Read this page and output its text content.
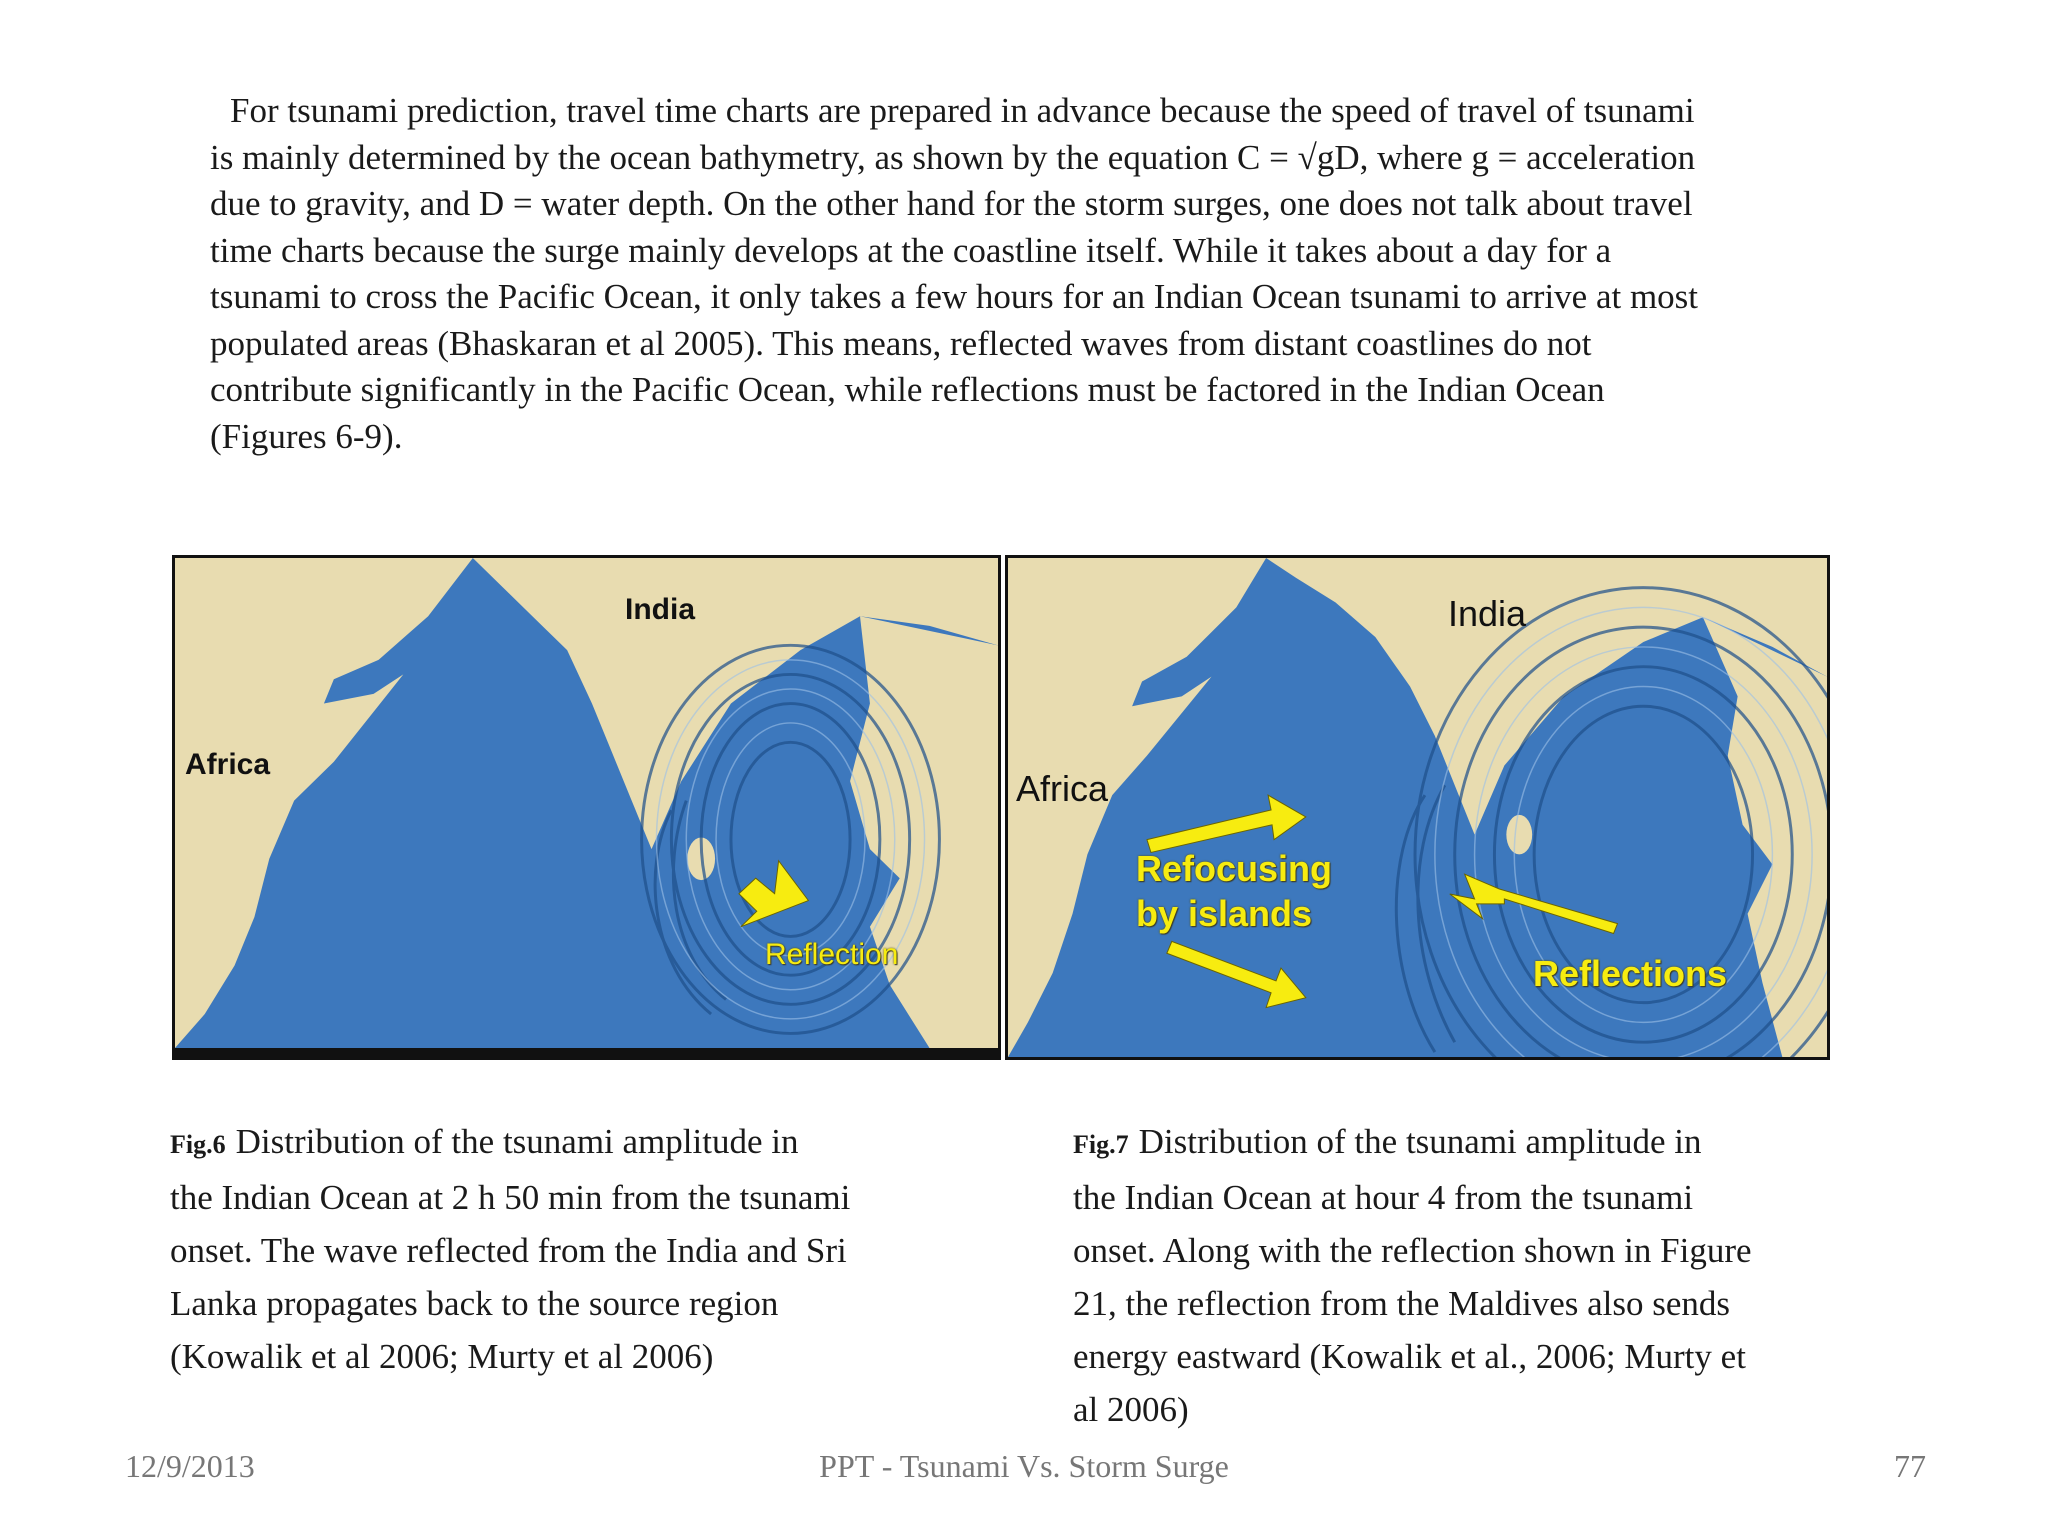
For tsunami prediction, travel time charts are prepared in advance because the speed of travel of tsunami
is mainly determined by the ocean bathymetry, as shown by the equation C = √gD, where g = acceleration
due to gravity, and D = water depth. On the other hand for the storm surges, one does not talk about travel
time charts because the surge mainly develops at the coastline itself. While it takes about a day for a
tsunami to cross the Pacific Ocean, it only takes a few hours for an Indian Ocean tsunami to arrive at most
populated areas (Bhaskaran et al 2005). This means, reflected waves from distant coastlines do not
contribute significantly in the Pacific Ocean, while reflections must be factored in the Indian Ocean
(Figures 6-9).

India
Africa
Reflection
India
Africa
Refocusing
by islands
Reflections
Fig.6 Distribution of the tsunami amplitude in
the Indian Ocean at 2 h 50 min from the tsunami
onset. The wave reflected from the India and Sri
Lanka propagates back to the source region
(Kowalik et al 2006; Murty et al 2006)
Fig.7 Distribution of the tsunami amplitude in
the Indian Ocean at hour 4 from the tsunami
onset. Along with the reflection shown in Figure
21, the reflection from the Maldives also sends
energy eastward (Kowalik et al., 2006; Murty et
al 2006)
PPT - Tsunami Vs. Storm Surge
12/9/2013	77
